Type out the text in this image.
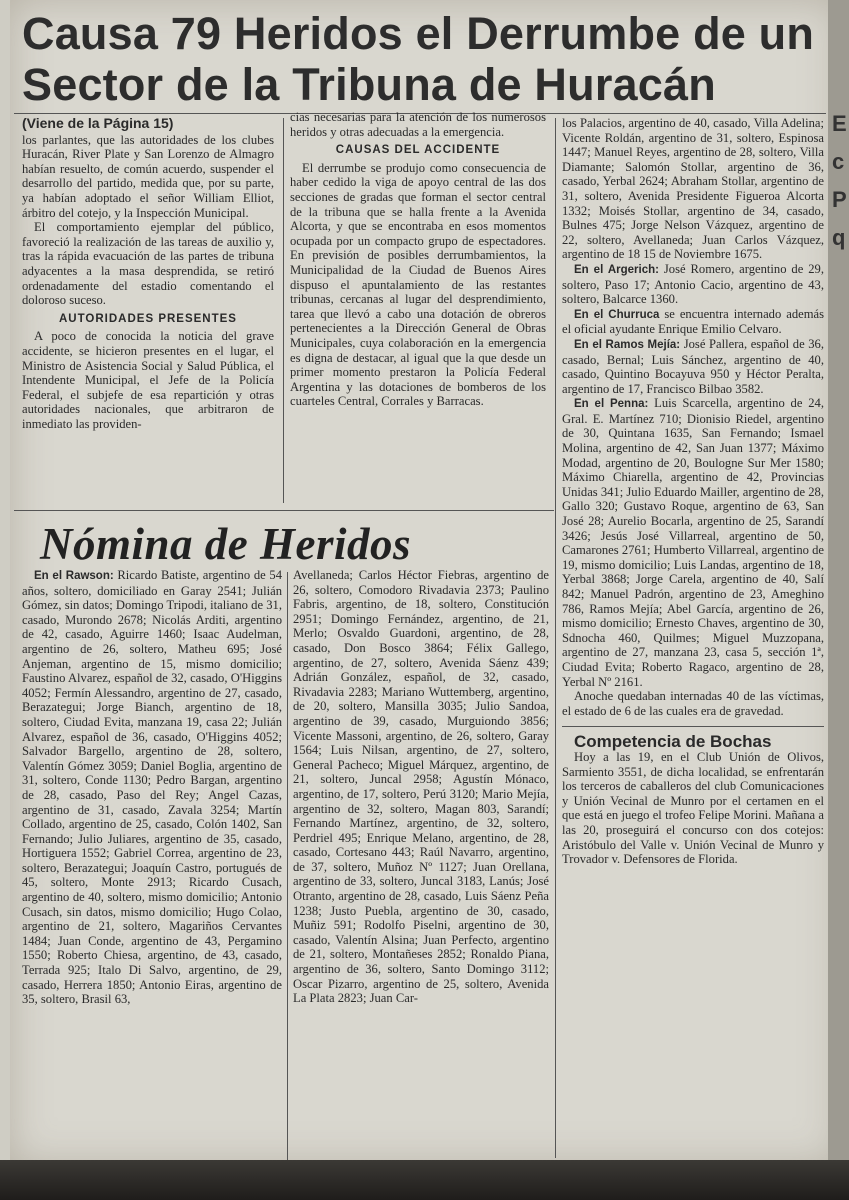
E
c
P
q
Causa 79 Heridos el Derrumbe de un Sector de la Tribuna de Huracán
(Viene de la Página 15)

los parlantes, que las autoridades de los clubes Huracán, River Plate y San Lorenzo de Almagro habían resuelto, de común acuerdo, suspender el desarrollo del partido, medida que, por su parte, ya habían adoptado el señor William Elliot, árbitro del cotejo, y la Inspección Municipal.

El comportamiento ejemplar del público, favoreció la realización de las tareas de auxilio y, tras la rápida evacuación de las partes de tribuna adyacentes a la masa desprendida, se retiró ordenadamente del estadio comentando el doloroso suceso.

AUTORIDADES PRESENTES

A poco de conocida la noticia del grave accidente, se hicieron presentes en el lugar, el Ministro de Asistencia Social y Salud Pública, el Intendente Municipal, el Jefe de la Policía Federal, el subjefe de esa repartición y otras autoridades nacionales, que arbitraron de inmediato las providen-

cias necesarias para la atención de los numerosos heridos y otras adecuadas a la emergencia.

CAUSAS DEL ACCIDENTE

El derrumbe se produjo como consecuencia de haber cedido la viga de apoyo central de las dos secciones de gradas que forman el sector central de la tribuna que se halla frente a la Avenida Alcorta, y que se encontraba en esos momentos ocupada por un compacto grupo de espectadores. En previsión de posibles derrumbamientos, la Municipalidad de la Ciudad de Buenos Aires dispuso el apuntalamiento de las restantes tribunas, cercanas al lugar del desprendimiento, tarea que llevó a cabo una dotación de obreros pertenecientes a la Dirección General de Obras Municipales, cuya colaboración en la emergencia es digna de destacar, al igual que la que desde un primer momento prestaron la Policía Federal Argentina y las dotaciones de bomberos de los cuarteles Central, Corrales y Barracas.

los Palacios, argentino de 40, casado, Villa Adelina; Vicente Roldán, argentino de 31, soltero, Espinosa 1447; Manuel Reyes, argentino de 28, soltero, Villa Diamante; Salomón Stollar, argentino de 36, casado, Yerbal 2624; Abraham Stollar, argentino de 31, soltero, Avenida Presidente Figueroa Alcorta 1332; Moisés Stollar, argentino de 34, casado, Bulnes 475; Jorge Nelson Vázquez, argentino de 22, soltero, Avellaneda; Juan Carlos Vázquez, argentino de 18 15 de Noviembre 1675.

En el Argerich: José Romero, argentino de 29, soltero, Paso 17; Antonio Cacio, argentino de 43, soltero, Balcarce 1360.

En el Churruca se encuentra internado además el oficial ayudante Enrique Emilio Celvaro.

En el Ramos Mejía: José Pallera, español de 36, casado, Bernal; Luis Sánchez, argentino de 40, casado, Quintino Bocayuva 950 y Héctor Peralta, argentino de 17, Francisco Bilbao 3582.

En el Penna: Luis Scarcella, argentino de 24, Gral. E. Martínez 710; Dionisio Riedel, argentino de 30, Quintana 1635, San Fernando; Ismael Molina, argentino de 42, San Juan 1377; Máximo Modad, argentino de 20, Boulogne Sur Mer 1580; Máximo Chiarella, argentino de 42, Provincias Unidas 341; Julio Eduardo Mailler, argentino de 28, Gallo 320; Gustavo Roque, argentino de 63, San José 28; Aurelio Bocarla, argentino de 25, Sarandí 3426; Jesús José Villarreal, argentino de 50, Camarones 2761; Humberto Villarreal, argentino de 19, mismo domicilio; Luis Landas, argentino de 18, Yerbal 3868; Jorge Carela, argentino de 40, Salí 842; Manuel Padrón, argentino de 23, Ameghino 786, Ramos Mejía; Abel García, argentino de 26, mismo domicilio; Ernesto Chaves, argentino de 30, Sdnocha 460, Quilmes; Miguel Muzzopana, argentino de 27, manzana 23, casa 5, sección 1ª, Ciudad Evita; Roberto Ragaco, argentino de 28, Yerbal Nº 2161.

Anoche quedaban internadas 40 de las víctimas, el estado de 6 de las cuales era de gravedad.

Competencia de Bochas

Hoy a las 19, en el Club Unión de Olivos, Sarmiento 3551, de dicha localidad, se enfrentarán los terceros de caballeros del club Comunicaciones y Unión Vecinal de Munro por el certamen en el que está en juego el trofeo Felipe Morini. Mañana a las 20, proseguirá el concurso con dos cotejos: Aristóbulo del Valle v. Unión Vecinal de Munro y Trovador v. Defensores de Florida.

Nómina de Heridos

En el Rawson: Ricardo Batiste, argentino de 54 años, soltero, domiciliado en Garay 2541; Julián Gómez, sin datos; Domingo Tripodi, italiano de 31, casado, Murondo 2678; Nicolás Arditi, argentino de 42, casado, Aguirre 1460; Isaac Audelman, argentino de 26, soltero, Matheu 695; José Anjeman, argentino de 15, mismo domicilio; Faustino Alvarez, español de 32, casado, O'Higgins 4052; Fermín Alessandro, argentino de 27, casado, Berazategui; Jorge Bianch, argentino de 18, soltero, Ciudad Evita, manzana 19, casa 22; Julián Alvarez, español de 36, casado, O'Higgins 4052; Salvador Bargello, argentino de 28, soltero, Valentín Gómez 3059; Daniel Boglia, argentino de 31, soltero, Conde 1130; Pedro Bargan, argentino de 28, casado, Paso del Rey; Angel Cazas, argentino de 31, casado, Zavala 3254; Martín Collado, argentino de 25, casado, Colón 1402, San Fernando; Julio Juliares, argentino de 35, casado, Hortiguera 1552; Gabriel Correa, argentino de 23, soltero, Berazategui; Joaquín Castro, portugués de 45, soltero, Monte 2913; Ricardo Cusach, argentino de 40, soltero, mismo domicilio; Antonio Cusach, sin datos, mismo domicilio; Hugo Colao, argentino de 21, soltero, Magariños Cervantes 1484; Juan Conde, argentino de 43, Pergamino 1550; Roberto Chiesa, argentino, de 43, casado, Terrada 925; Italo Di Salvo, argentino, de 29, casado, Herrera 1850; Antonio Eiras, argentino de 35, soltero, Brasil 63,

Avellaneda; Carlos Héctor Fiebras, argentino de 26, soltero, Comodoro Rivadavia 2373; Paulino Fabris, argentino, de 18, soltero, Constitución 2951; Domingo Fernández, argentino, de 21, Merlo; Osvaldo Guardoni, argentino, de 28, casado, Don Bosco 3864; Félix Gallego, argentino, de 27, soltero, Avenida Sáenz 439; Adrián González, español, de 32, casado, Rivadavia 2283; Mariano Wuttemberg, argentino, de 20, soltero, Mansilla 3035; Julio Sandoa, argentino de 39, casado, Murguiondo 3856; Vicente Massoni, argentino, de 26, soltero, Garay 1564; Luis Nilsan, argentino, de 27, soltero, General Pacheco; Miguel Márquez, argentino, de 21, soltero, Juncal 2958; Agustín Mónaco, argentino, de 17, soltero, Perú 3120; Mario Mejía, argentino de 32, soltero, Magan 803, Sarandí; Fernando Martínez, argentino, de 32, soltero, Perdriel 495; Enrique Melano, argentino, de 28, casado, Cortesano 443; Raúl Navarro, argentino, de 37, soltero, Muñoz Nº 1127; Juan Orellana, argentino de 33, soltero, Juncal 3183, Lanús; José Otranto, argentino de 28, casado, Luis Sáenz Peña 1238; Justo Puebla, argentino de 30, casado, Muñiz 591; Rodolfo Piselni, argentino de 30, casado, Valentín Alsina; Juan Perfecto, argentino de 21, soltero, Montañeses 2852; Ronaldo Piana, argentino de 36, soltero, Santo Domingo 3112; Oscar Pizarro, argentino de 25, soltero, Avenida La Plata 2823; Juan Car-
